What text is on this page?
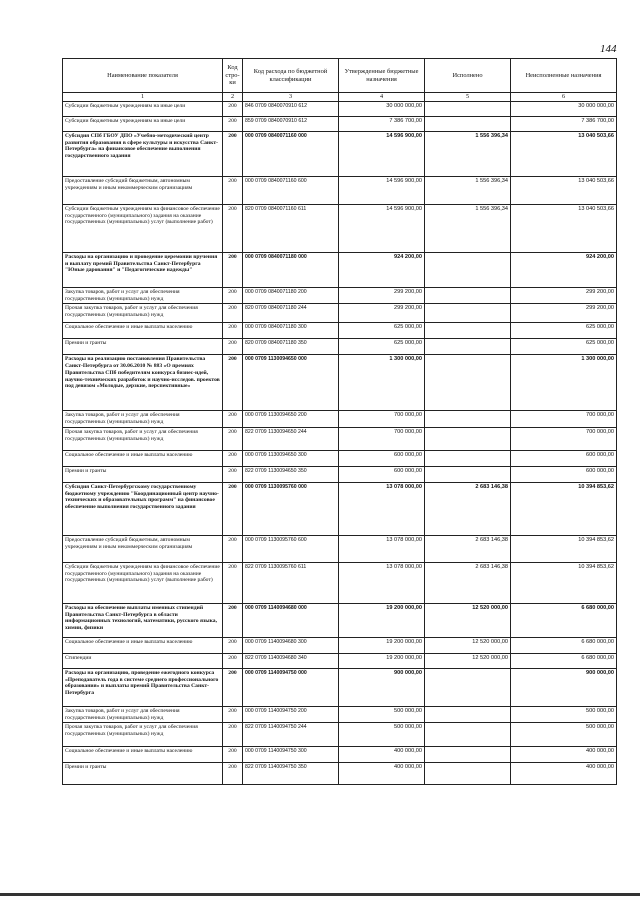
144
Наименование показателя	Код стро-ки	Код расхода по бюджетной классификации	Утвержденные бюджетные назначения	Исполнено	Неисполненные назначения
1	2	3	4	5	6
Субсидии бюджетным учреждениям на иные цели	200	846 0709 0840070910 612	30 000 000,00		30 000 000,00
Субсидии бюджетным учреждениям на иные цели	200	859 0709 0840070910 612	7 386 700,00		7 386 700,00
Субсидия СПб ГБОУ ДПО «Учебно-методический центр развития образования в сфере культуры и искусства Санкт-Петербурга» на финансовое обеспечение выполнения государственного задания	200	000 0709 0840071160 000	14 596 900,00	1 556 396,34	13 040 503,66
Предоставление субсидий бюджетным, автономным учреждениям и иным некоммерческим организациям	200	000 0709 0840071160 600	14 596 900,00	1 556 396,34	13 040 503,66
Субсидии бюджетным учреждениям на финансовое обеспечение государственного (муниципального) задания на оказание государственных (муниципальных) услуг (выполнение работ)	200	820 0709 0840071160 611	14 596 900,00	1 556 396,34	13 040 503,66
Расходы на организацию и проведение церемонии вручения и выплату премий Правительства Санкт-Петербурга "Юные дарования" и "Педагогические надежды"	200	000 0709 0840071180 000	924 200,00		924 200,00
Закупка товаров, работ и услуг для обеспечения государственных (муниципальных) нужд	200	000 0709 0840071180 200	299 200,00		299 200,00
Прочая закупка товаров, работ и услуг для обеспечения государственных (муниципальных) нужд	200	820 0709 0840071180 244	299 200,00		299 200,00
Социальное обеспечение и иные выплаты населению	200	000 0709 0840071180 300	625 000,00		625 000,00
Премии и гранты	200	820 0709 0840071180 350	625 000,00		625 000,00
Расходы на реализацию постановления Правительства Санкт-Петербурга от 30.06.2010 № 883 «О премиях Правительства СПб победителям конкурса бизнес-идей, научно-технических разработок и научно-исследов. проектов под девизом «Молодые, дерзкие, перспективные»	200	000 0709 1130094650 000	1 300 000,00		1 300 000,00
Закупка товаров, работ и услуг для обеспечения государственных (муниципальных) нужд	200	000 0709 1130094650 200	700 000,00		700 000,00
Прочая закупка товаров, работ и услуг для обеспечения государственных (муниципальных) нужд	200	822 0709 1130094650 244	700 000,00		700 000,00
Социальное обеспечение и иные выплаты населению	200	000 0709 1130094650 300	600 000,00		600 000,00
Премии и гранты	200	822 0709 1130094650 350	600 000,00		600 000,00
Субсидия Санкт-Петербургскому государственному бюджетному учреждению "Координационный центр научно-технических и образовательных программ" на финансовое обеспечение выполнения государственного задания	200	000 0709 1130095760 000	13 078 000,00	2 683 146,38	10 394 853,62
Предоставление субсидий бюджетным, автономным учреждениям и иным некоммерческим организациям	200	000 0709 1130095760 600	13 078 000,00	2 683 146,38	10 394 853,62
Субсидии бюджетным учреждениям на финансовое обеспечение государственного (муниципального) задания на оказание государственных (муниципальных) услуг (выполнение работ)	200	822 0709 1130095760 611	13 078 000,00	2 683 146,38	10 394 853,62
Расходы на обеспечение выплаты именных стипендий Правительства Санкт-Петербурга в области информационных технологий, математики, русского языка, химии, физики	200	000 0709 1140094680 000	19 200 000,00	12 520 000,00	6 680 000,00
Социальное обеспечение и иные выплаты населению	200	000 0709 1140094680 300	19 200 000,00	12 520 000,00	6 680 000,00
Стипендии	200	822 0709 1140094680 340	19 200 000,00	12 520 000,00	6 680 000,00
Расходы на организацию, проведение ежегодного конкурса «Преподаватель года в системе среднего профессионального образования» и выплаты премий Правительства Санкт-Петербурга	200	000 0709 1140094750 000	900 000,00		900 000,00
Закупка товаров, работ и услуг для обеспечения государственных (муниципальных) нужд	200	000 0709 1140094750 200	500 000,00		500 000,00
Прочая закупка товаров, работ и услуг для обеспечения государственных (муниципальных) нужд	200	822 0709 1140094750 244	500 000,00		500 000,00
Социальное обеспечение и иные выплаты населению	200	000 0709 1140094750 300	400 000,00		400 000,00
Премии и гранты	200	822 0709 1140094750 350	400 000,00		400 000,00
